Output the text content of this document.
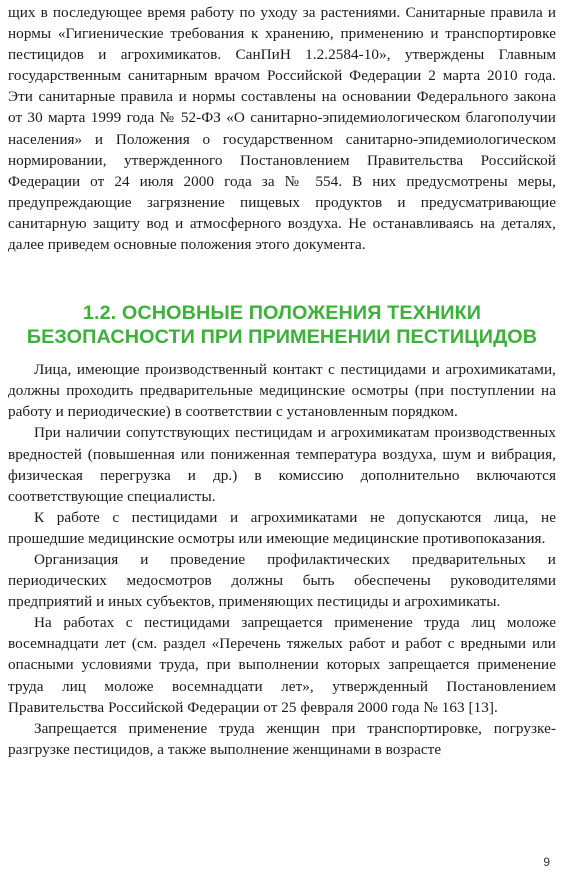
щих в последующее время работу по уходу за растениями. Санитарные правила и нормы «Гигиенические требования к хранению, применению и транспортировке пестицидов и агрохимикатов. СанПиН 1.2.2584-10», утверждены Главным государственным санитарным врачом Российской Федерации 2 марта 2010 года. Эти санитарные правила и нормы составлены на основании Федерального закона от 30 марта 1999 года № 52-ФЗ «О санитарно-эпидемиологическом благополучии населения» и Положения о государственном санитарно-эпидемиологическом нормировании, утвержденного Постановлением Правительства Российской Федерации от 24 июля 2000 года за № 554. В них предусмотрены меры, предупреждающие загрязнение пищевых продуктов и предусматривающие санитарную защиту вод и атмосферного воздуха. Не останавливаясь на деталях, далее приведем основные положения этого документа.

1.2. ОСНОВНЫЕ ПОЛОЖЕНИЯ ТЕХНИКИ
БЕЗОПАСНОСТИ ПРИ ПРИМЕНЕНИИ ПЕСТИЦИДОВ

Лица, имеющие производственный контакт с пестицидами и агрохимикатами, должны проходить предварительные медицинские осмотры (при поступлении на работу и периодические) в соответствии с установленным порядком.

При наличии сопутствующих пестицидам и агрохимикатам производственных вредностей (повышенная или пониженная температура воздуха, шум и вибрация, физическая перегрузка и др.) в комиссию дополнительно включаются соответствующие специалисты.

К работе с пестицидами и агрохимикатами не допускаются лица, не прошедшие медицинские осмотры или имеющие медицинские противопоказания.

Организация и проведение профилактических предварительных и периодических медосмотров должны быть обеспечены руководителями предприятий и иных субъектов, применяющих пестициды и агрохимикаты.

На работах с пестицидами запрещается применение труда лиц моложе восемнадцати лет (см. раздел «Перечень тяжелых работ и работ с вредными или опасными условиями труда, при выполнении которых запрещается применение труда лиц моложе восемнадцати лет», утвержденный Постановлением Правительства Российской Федерации от 25 февраля 2000 года № 163 [13].

Запрещается применение труда женщин при транспортировке, погрузке-разгрузке пестицидов, а также выполнение женщинами в возрасте

9
